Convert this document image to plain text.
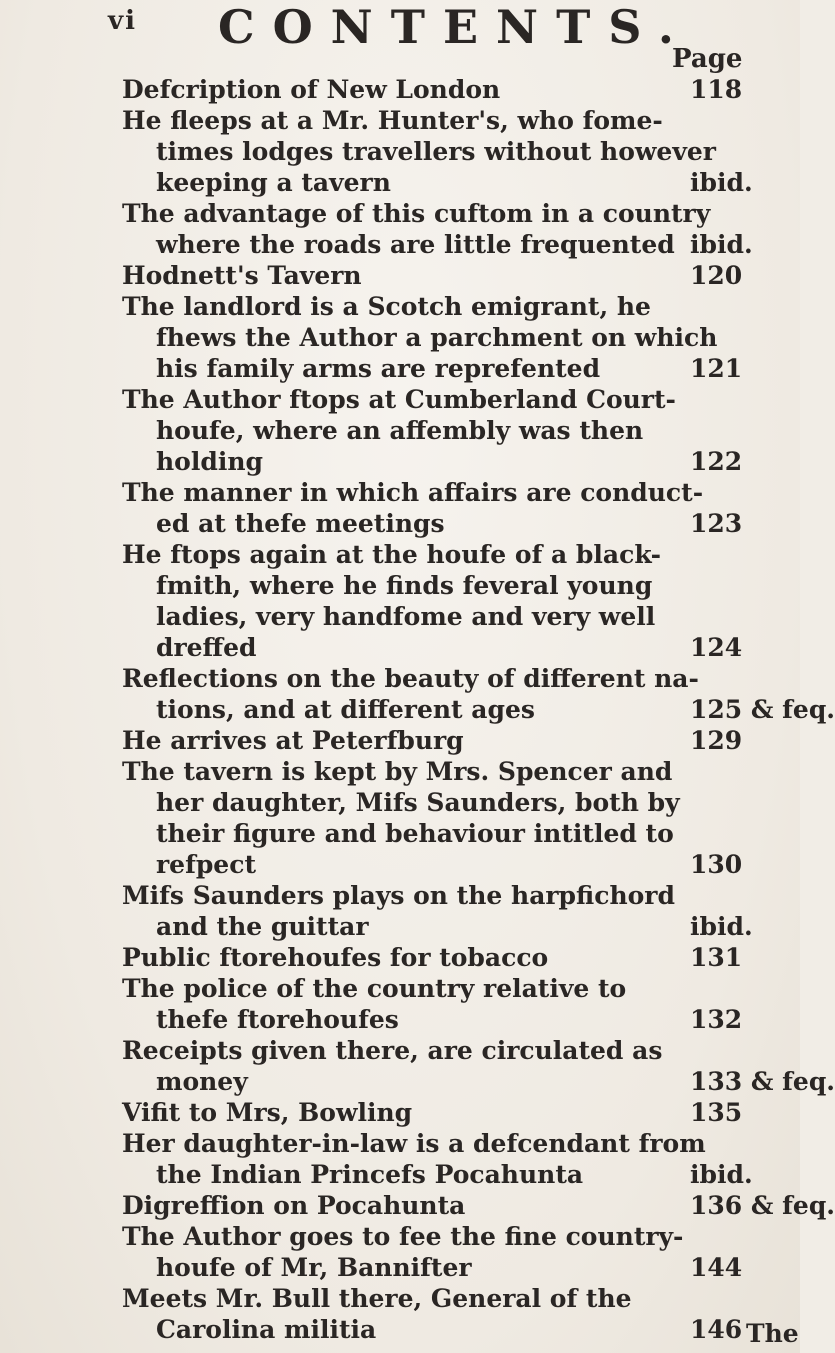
vi CONTENTS.
Page
Defcription of New London	118
He fleeps at a Mr. Hunter's, who fome-
times lodges travellers without however
keeping a tavern	ibid.
The advantage of this cuftom in a country
where the roads are little frequented ibid.
Hodnett's Tavern	120
The landlord is a Scotch emigrant, he
fhews the Author a parchment on which
his family arms are reprefented	121
The Author ftops at Cumberland Court-
houfe, where an affembly was then
holding	122
The manner in which affairs are conduct-
ed at thefe meetings	123
He ftops again at the houfe of a black-
fmith, where he finds feveral young
ladies, very handfome and very well
dreffed	124
Reflections on the beauty of different na-
tions, and at different ages	125 & feq.
He arrives at Peterfburg	129
The tavern is kept by Mrs. Spencer and
her daughter, Mifs Saunders, both by
their figure and behaviour intitled to
refpect	130
Mifs Saunders plays on the harpfichord
and the guittar	ibid.
Public ftorehoufes for tobacco	131
The police of the country relative to
thefe ftorehoufes	132
Receipts given there, are circulated as
money	133 & feq.
Vifit to Mrs, Bowling	135
Her daughter-in-law is a defcendant from
the Indian Princefs Pocahunta	ibid.
Digreffion on Pocahunta	136 & feq.
The Author goes to fee the fine country-
houfe of Mr, Bannifter	144
Meets Mr. Bull there, General of the
Carolina militia	146 The
